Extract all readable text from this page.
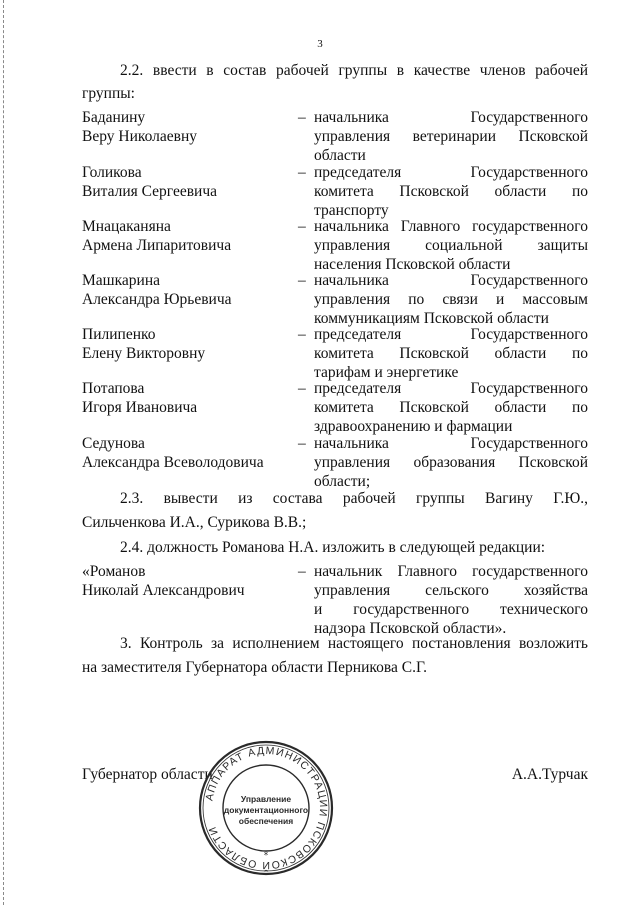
3
2.2. ввести в состав рабочей группы в качестве членов рабочей
группы:
Баданину
Веру Николаевну
– начальника Государственного
управления ветеринарии Псковской
области
Голикова
Виталия Сергеевича
– председателя Государственного
комитета Псковской области по
транспорту
Мнацаканяна
Армена Липаритовича
– начальника Главного государственного
управления социальной защиты
населения Псковской области
Машкарина
Александра Юрьевича
– начальника Государственного
управления по связи и массовым
коммуникациям Псковской области
Пилипенко
Елену Викторовну
– председателя Государственного
комитета Псковской области по
тарифам и энергетике
Потапова
Игоря Ивановича
– председателя Государственного
комитета Псковской области по
здравоохранению и фармации
Седунова
Александра Всеволодовича
– начальника Государственного
управления образования Псковской
области;
2.3. вывести из состава рабочей группы Вагину Г.Ю.,
Сильченкова И.А., Сурикова В.В.;
2.4. должность Романова Н.А. изложить в следующей редакции:
«Романов
Николай Александрович
– начальник Главного государственного
управления сельского хозяйства
и государственного технического
надзора Псковской области».
3. Контроль за исполнением настоящего постановления возложить
на заместителя Губернатора области Перникова С.Г.
Губернатор области	А.А.Турчак
АППАРАТ АДМИНИСТРАЦИИ ПСКОВСКОЙ ОБЛАСТИ
Управление
документационного
обеспечения
*
